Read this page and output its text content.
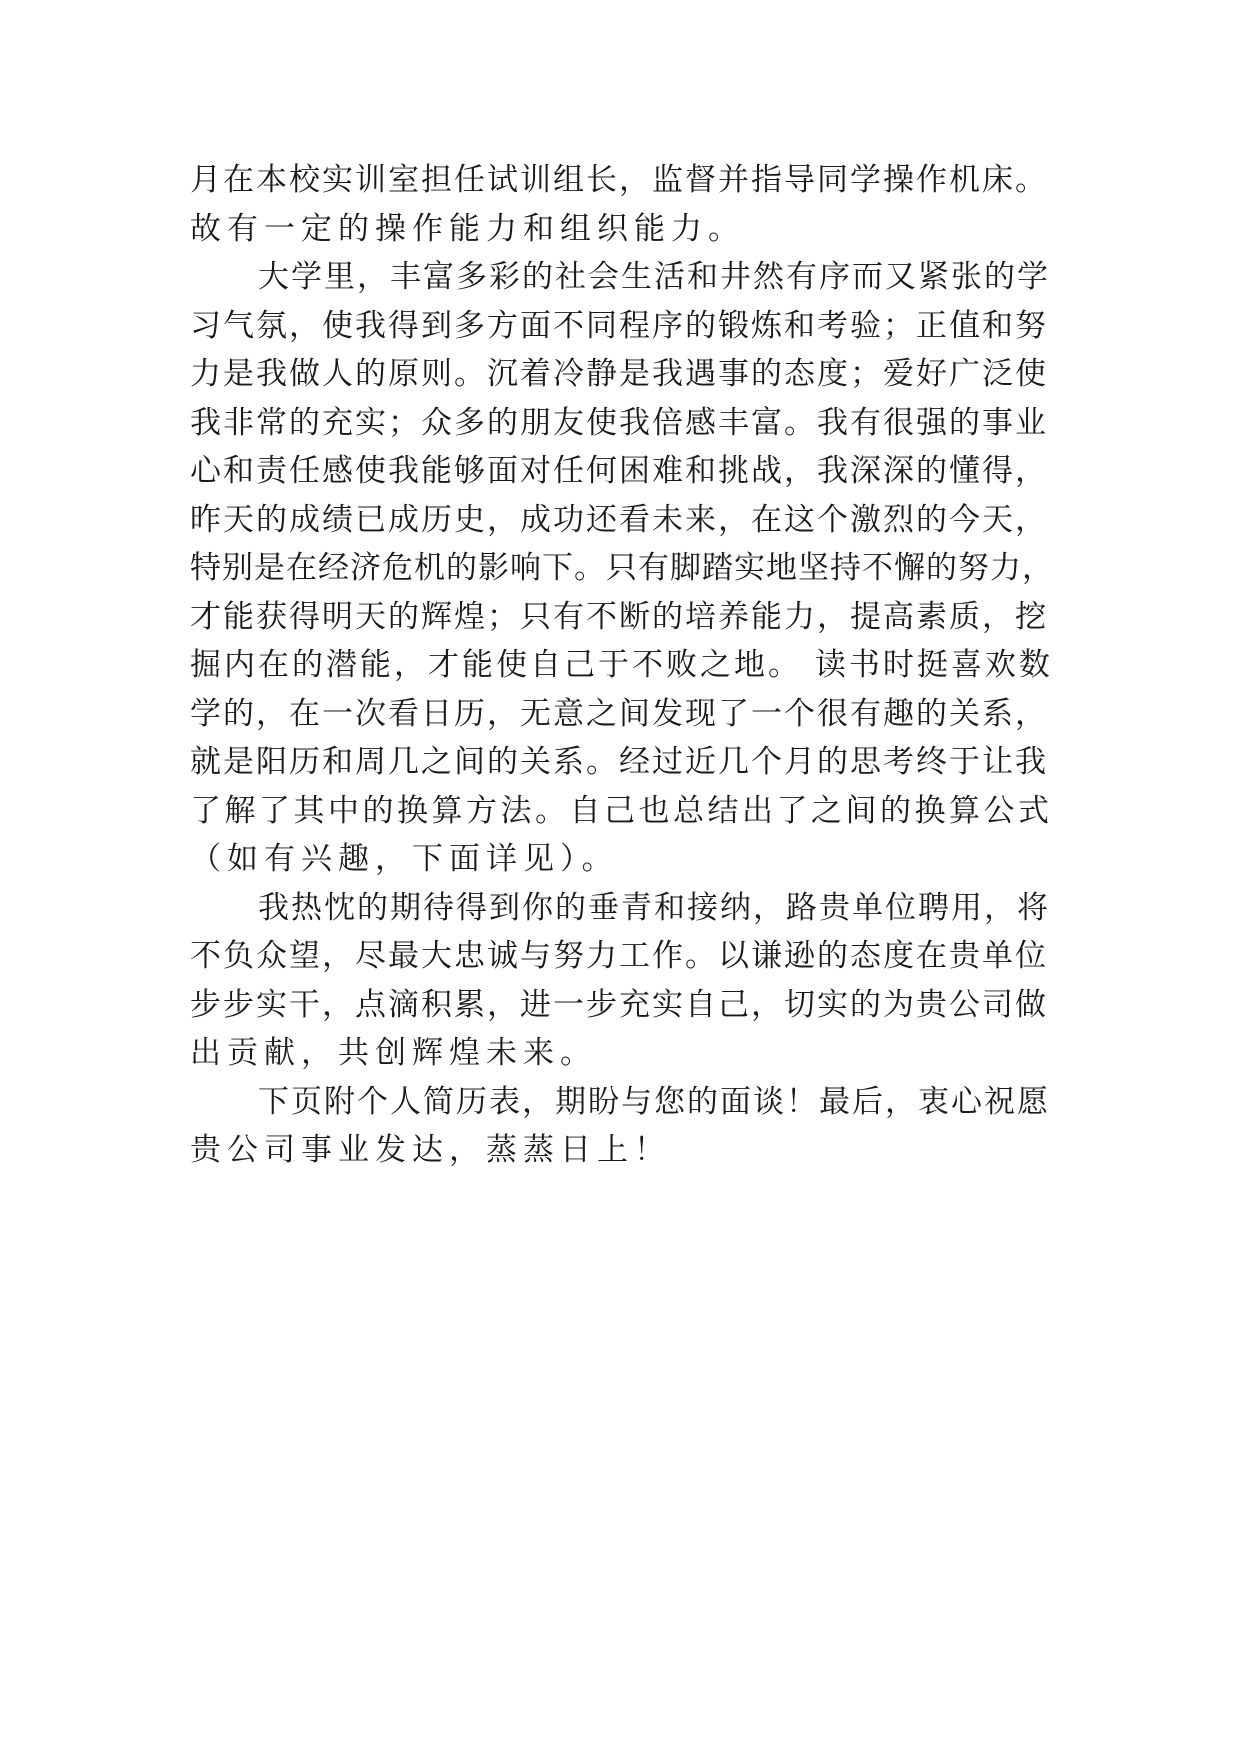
月在本校实训室担任试训组长，监督并指导同学操作机床。
故有一定的操作能力和组织能力。
大学里，丰富多彩的社会生活和井然有序而又紧张的学
习气氛，使我得到多方面不同程序的锻炼和考验；正值和努
力是我做人的原则。沉着冷静是我遇事的态度；爱好广泛使
我非常的充实；众多的朋友使我倍感丰富。我有很强的事业
心和责任感使我能够面对任何困难和挑战，我深深的懂得，
昨天的成绩已成历史，成功还看未来，在这个激烈的今天，
特别是在经济危机的影响下。只有脚踏实地坚持不懈的努力，
才能获得明天的辉煌；只有不断的培养能力，提高素质，挖
掘内在的潜能，才能使自己于不败之地。 读书时挺喜欢数
学的，在一次看日历，无意之间发现了一个很有趣的关系，
就是阳历和周几之间的关系。经过近几个月的思考终于让我
了解了其中的换算方法。自己也总结出了之间的换算公式
（如有兴趣，下面详见）。
我热忱的期待得到你的垂青和接纳，路贵单位聘用，将
不负众望，尽最大忠诚与努力工作。以谦逊的态度在贵单位
步步实干，点滴积累，进一步充实自己，切实的为贵公司做
出贡献，共创辉煌未来。
下页附个人简历表，期盼与您的面谈！最后，衷心祝愿
贵公司事业发达，蒸蒸日上！
